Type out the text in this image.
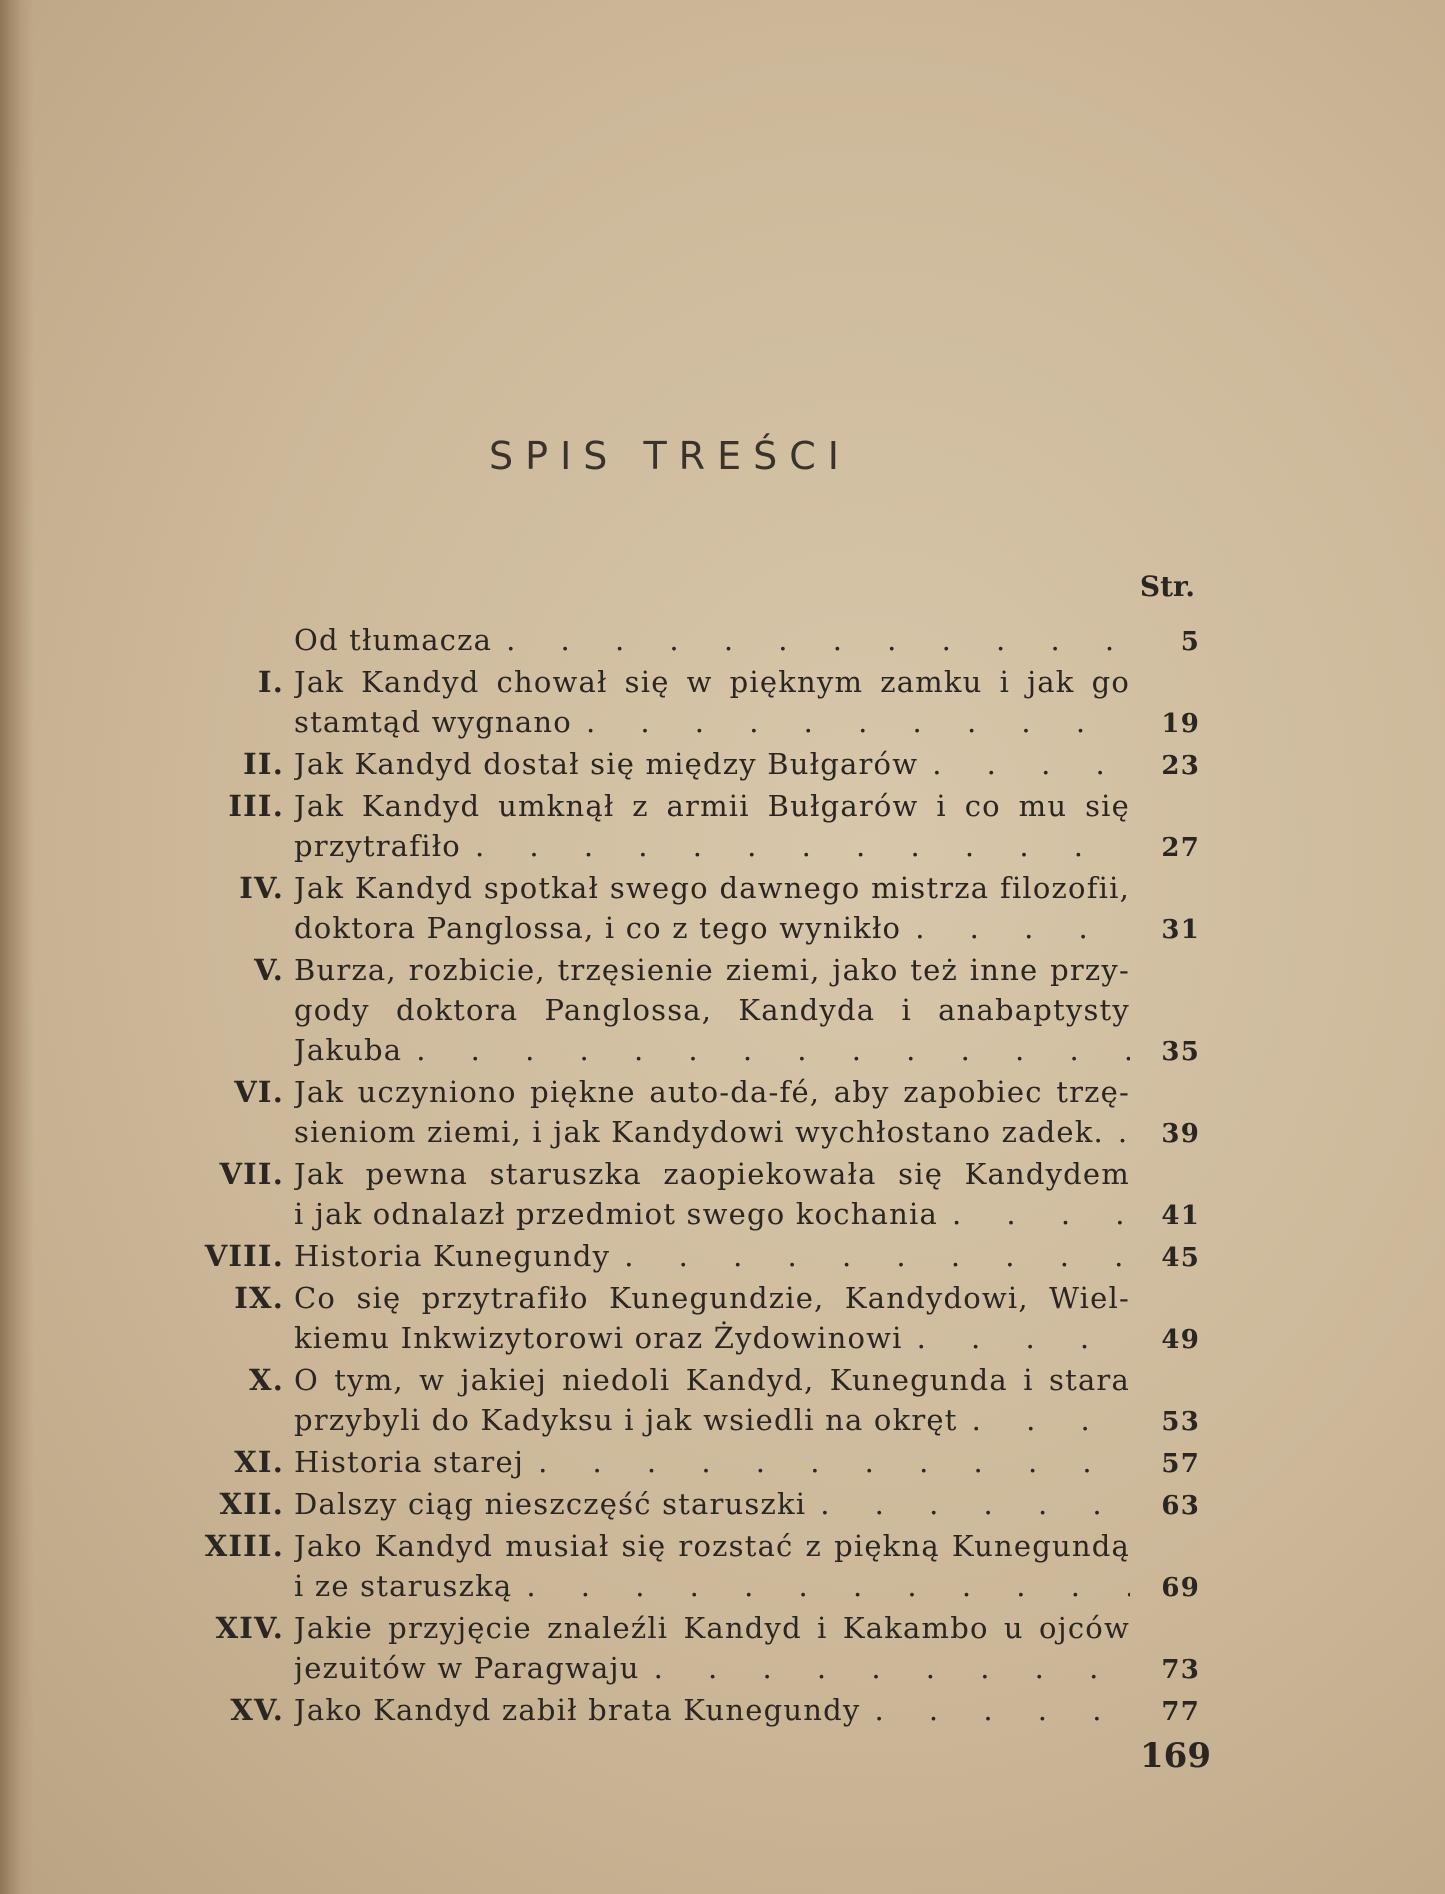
SPIS TREŚCI
Str.
Od tłumacza . . .	5
I. Jak Kandyd chował się w pięknym zamku i jak go
stamtąd wygnano . . .	19
II. Jak Kandyd dostał się między Bułgarów . . .	23
III. Jak Kandyd umknął z armii Bułgarów i co mu się
przytrafiło . . .	27
IV. Jak Kandyd spotkał swego dawnego mistrza filozofii,
doktora Panglossa, i co z tego wynikło . . .	31
V. Burza, rozbicie, trzęsienie ziemi, jako też inne przy-
gody doktora Panglossa, Kandyda i anabaptysty
Jakuba . . .	35
VI. Jak uczyniono piękne auto-da-fé, aby zapobiec trzę-
sieniom ziemi, i jak Kandydowi wychłostano zadek. . . .	39
VII. Jak pewna staruszka zaopiekowała się Kandydem
i jak odnalazł przedmiot swego kochania . . .	41
VIII. Historia Kunegundy . . .	45
IX. Co się przytrafiło Kunegundzie, Kandydowi, Wiel-
kiemu Inkwizytorowi oraz Żydowinowi . . .	49
X. O tym, w jakiej niedoli Kandyd, Kunegunda i stara
przybyli do Kadyksu i jak wsiedli na okręt . . .	53
XI. Historia starej . . .	57
XII. Dalszy ciąg nieszczęść staruszki . . .	63
XIII. Jako Kandyd musiał się rozstać z piękną Kunegundą
i ze staruszką . . .	69
XIV. Jakie przyjęcie znaleźli Kandyd i Kakambo u ojców
jezuitów w Paragwaju . . .	73
XV. Jako Kandyd zabił brata Kunegundy . . .	77
169
